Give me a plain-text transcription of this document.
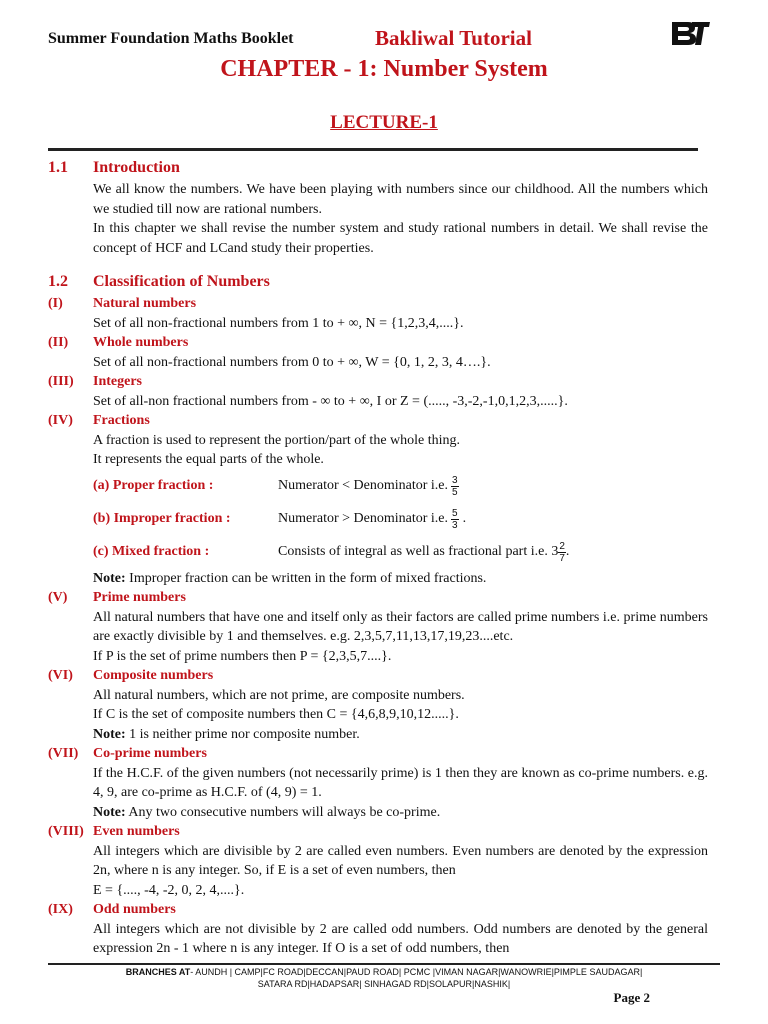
Summer Foundation Maths Booklet	Bakliwal Tutorial
CHAPTER - 1: Number System
LECTURE-1
1.1	Introduction
We all know the numbers. We have been playing with numbers since our childhood. All the numbers which we studied till now are rational numbers.
In this chapter we shall revise the number system and study rational numbers in detail. We shall revise the concept of HCF and LCand study their properties.
1.2	Classification of Numbers
(I)	Natural numbers
Set of all non-fractional numbers from 1 to + ∞, N = {1,2,3,4,....}.
(II)	Whole numbers
Set of all non-fractional numbers from 0 to + ∞, W = {0, 1, 2, 3, 4….}.
(III)	Integers
Set of all-non fractional numbers from - ∞ to + ∞, I or Z = (....., -3,-2,-1,0,1,2,3,.....}.
(IV)	Fractions
A fraction is used to represent the portion/part of the whole thing.
It represents the equal parts of the whole.
(a) Proper fraction :	Numerator < Denominator i.e. $\frac{3}{5}$
(b) Improper fraction :	Numerator > Denominator i.e. $\frac{5}{3}$ .
(c) Mixed fraction :	Consists of integral as well as fractional part i.e. $3 \frac{2}{7}$ .
Note: Improper fraction can be written in the form of mixed fractions.
(V)	Prime numbers
All natural numbers that have one and itself only as their factors are called prime numbers i.e. prime numbers are exactly divisible by 1 and themselves. e.g. 2,3,5,7,11,13,17,19,23....etc.
If P is the set of prime numbers then P = {2,3,5,7....}.
(VI)	Composite numbers
All natural numbers, which are not prime, are composite numbers.
If C is the set of composite numbers then C = {4,6,8,9,10,12.....}.
Note: 1 is neither prime nor composite number.
(VII)	Co-prime numbers
If the H.C.F. of the given numbers (not necessarily prime) is 1 then they are known as co-prime numbers. e.g. 4, 9, are co-prime as H.C.F. of (4, 9) = 1.
Note: Any two consecutive numbers will always be co-prime.
(VIII) Even numbers
All integers which are divisible by 2 are called even numbers. Even numbers are denoted by the expression 2n, where n is any integer. So, if E is a set of even numbers, then
E = {...., -4, -2, 0, 2, 4,....}.
(IX)	Odd numbers
All integers which are not divisible by 2 are called odd numbers. Odd numbers are denoted by the general expression 2n - 1 where n is any integer. If O is a set of odd numbers, then
BRANCHES AT- AUNDH | CAMP|FC ROAD|DECCAN|PAUD ROAD| PCMC |VIMAN NAGAR|WANOWRIE|PIMPLE SAUDAGAR|
SATARA RD|HADAPSAR| SINHAGAD RD|SOLAPUR|NASHIK|
Page 2
